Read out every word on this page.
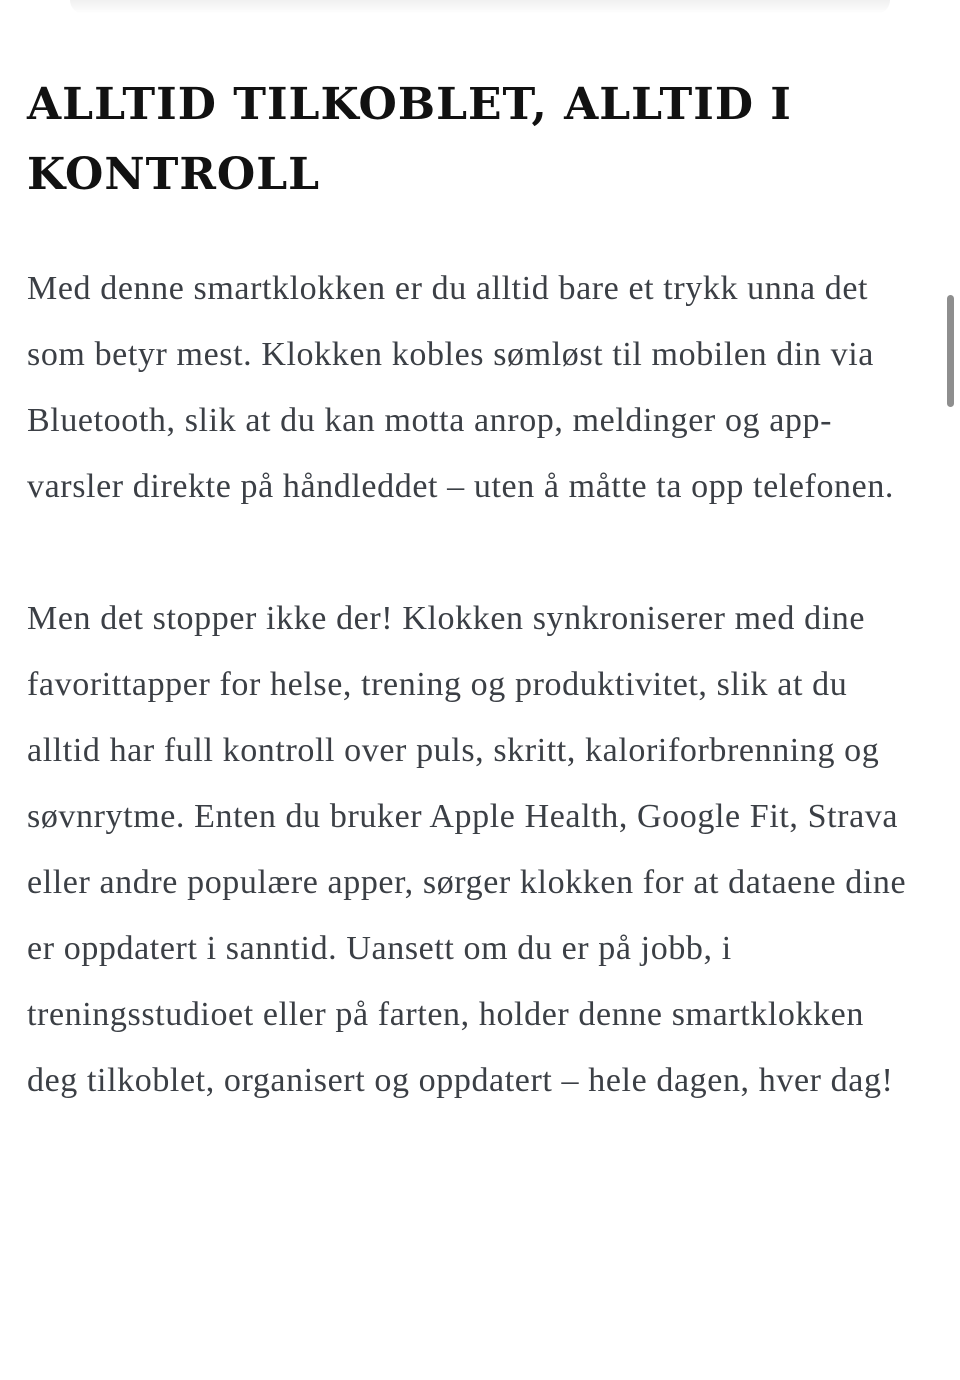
ALLTID TILKOBLET, ALLTID I KONTROLL

Med denne smartklokken er du alltid bare et trykk unna det som betyr mest. Klokken kobles sømløst til mobilen din via Bluetooth, slik at du kan motta anrop, meldinger og app-varsler direkte på håndleddet – uten å måtte ta opp telefonen.

Men det stopper ikke der! Klokken synkroniserer med dine favorittapper for helse, trening og produktivitet, slik at du alltid har full kontroll over puls, skritt, kaloriforbrenning og søvnrytme. Enten du bruker Apple Health, Google Fit, Strava eller andre populære apper, sørger klokken for at dataene dine er oppdatert i sanntid. Uansett om du er på jobb, i treningsstudioet eller på farten, holder denne smartklokken deg tilkoblet, organisert og oppdatert – hele dagen, hver dag!
